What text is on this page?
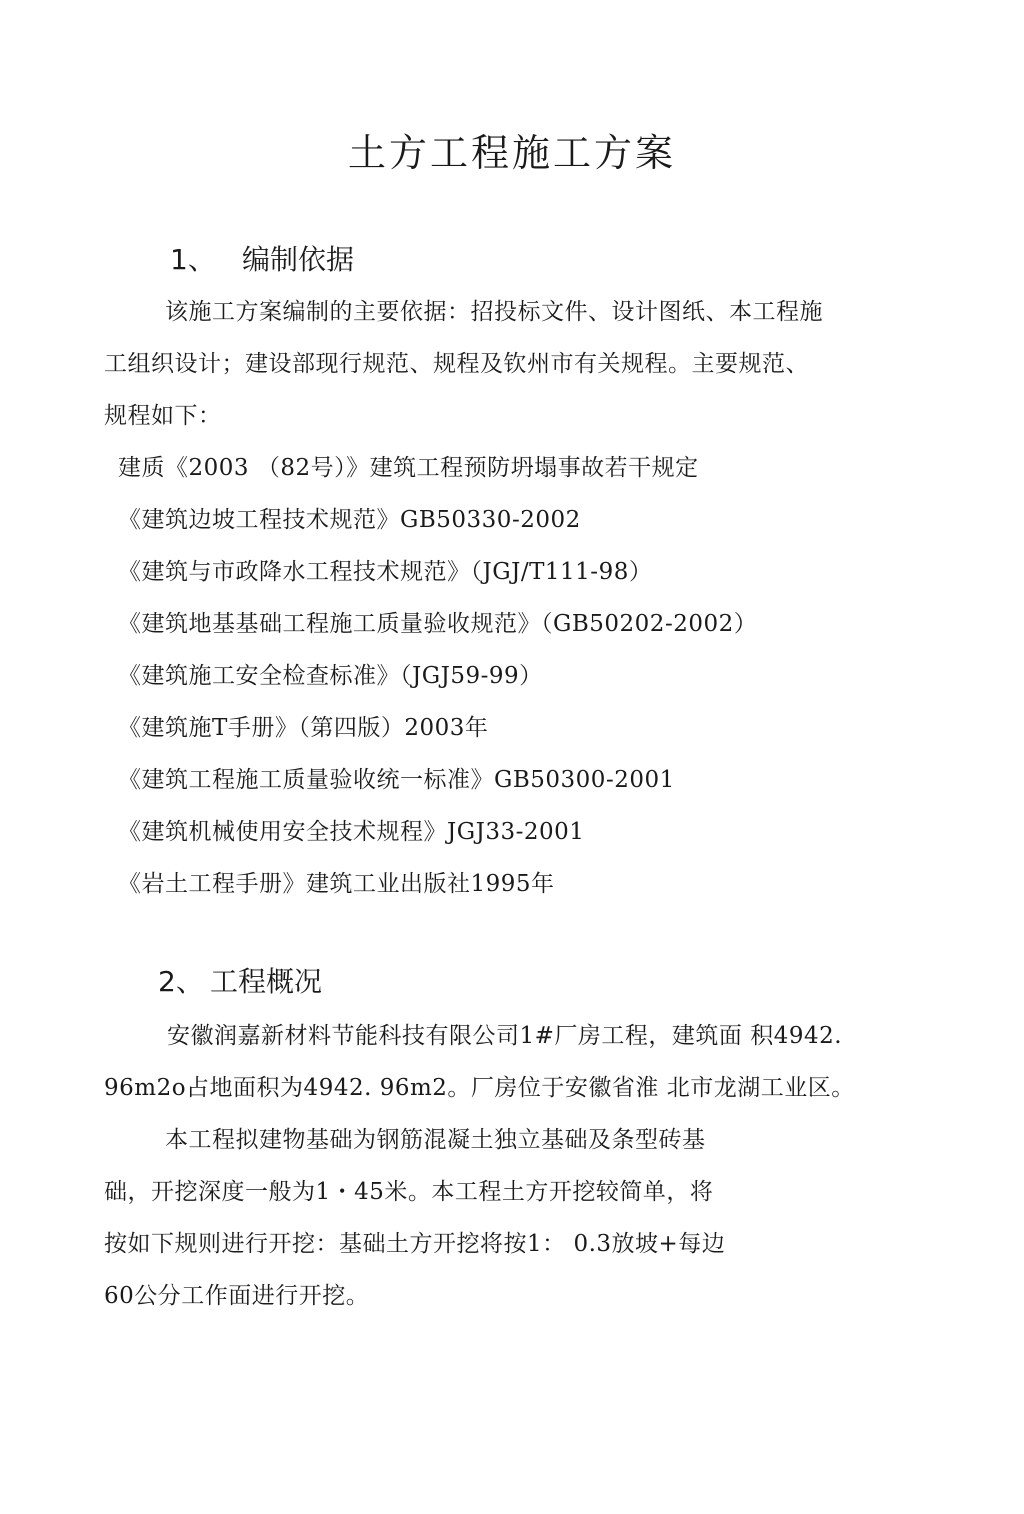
土方工程施工方案
1、 编制依据
该施工方案编制的主要依据：招投标文件、设计图纸、本工程施
工组织设计；建设部现行规范、规程及钦州市有关规程。主要规范、
规程如下：
建质《2003 （82号）》建筑工程预防坍塌事故若干规定
《建筑边坡工程技术规范》GB50330-2002
《建筑与市政降水工程技术规范》（JGJ/T111-98）
《建筑地基基础工程施工质量验收规范》（GB50202-2002）
《建筑施工安全检查标准》（JGJ59-99）
《建筑施T手册》（第四版）2003年
《建筑工程施工质量验收统一标准》GB50300-2001
《建筑机械使用安全技术规程》JGJ33-2001
《岩土工程手册》建筑工业出版社1995年
2、 工程概况
安徽润嘉新材料节能科技有限公司1#厂房工程，建筑面 积4942.
96m2o占地面积为4942. 96m2。厂房位于安徽省淮 北市龙湖工业区。
本工程拟建物基础为钢筋混凝土独立基础及条型砖基
础，开挖深度一般为1・45米。本工程土方开挖较简单，将
按如下规则进行开挖：基础土方开挖将按1： 0.3放坡+每边
60公分工作面进行开挖。
